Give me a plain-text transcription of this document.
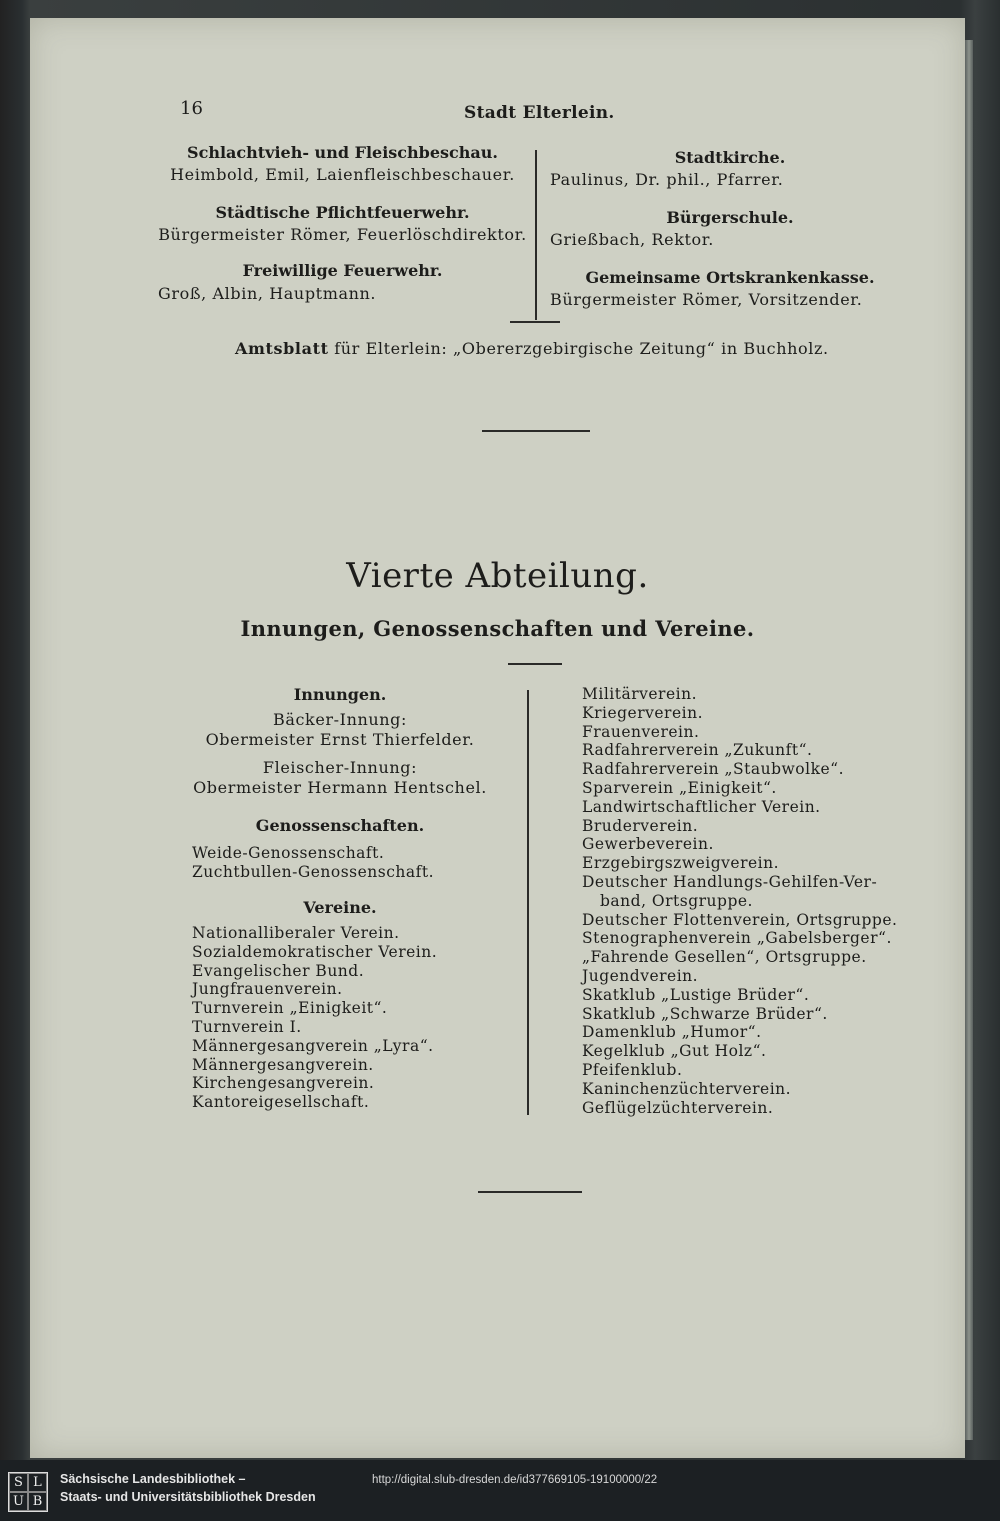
16	Stadt Elterlein.
Schlachtvieh- und Fleischbeschau.
Heimbold, Emil, Laienfleischbeschauer.
Städtische Pflichtfeuerwehr.
Bürgermeister Römer, Feuerlöschdirektor.
Freiwillige Feuerwehr.
Groß, Albin, Hauptmann.
Stadtkirche.
Paulinus, Dr. phil., Pfarrer.
Bürgerschule.
Grießbach, Rektor.
Gemeinsame Ortskrankenkasse.
Bürgermeister Römer, Vorsitzender.
Amtsblatt für Elterlein: „Obererzgebirgische Zeitung“ in Buchholz.
Vierte Abteilung.
Innungen, Genossenschaften und Vereine.
Innungen.
Bäcker-Innung:
Obermeister Ernst Thierfelder.
Fleischer-Innung:
Obermeister Hermann Hentschel.
Genossenschaften.
Weide-Genossenschaft.
Zuchtbullen-Genossenschaft.
Vereine.
Nationalliberaler Verein.
Sozialdemokratischer Verein.
Evangelischer Bund.
Jungfrauenverein.
Turnverein „Einigkeit“.
Turnverein I.
Männergesangverein „Lyra“.
Männergesangverein.
Kirchengesangverein.
Kantoreigesellschaft.
Militärverein.
Kriegerverein.
Frauenverein.
Radfahrerverein „Zukunft“.
Radfahrerverein „Staubwolke“.
Sparverein „Einigkeit“.
Landwirtschaftlicher Verein.
Bruderverein.
Gewerbeverein.
Erzgebirgszweigverein.
Deutscher Handlungs-Gehilfen-Ver-
band, Ortsgruppe.
Deutscher Flottenverein, Ortsgruppe.
Stenographenverein „Gabelsberger“.
„Fahrende Gesellen“, Ortsgruppe.
Jugendverein.
Skatklub „Lustige Brüder“.
Skatklub „Schwarze Brüder“.
Damenklub „Humor“.
Kegelklub „Gut Holz“.
Pfeifenklub.
Kaninchenzüchterverein.
Geflügelzüchterverein.
S L
U B
Sächsische Landesbibliothek –
Staats- und Universitätsbibliothek Dresden
http://digital.slub-dresden.de/id377669105-19100000/22
